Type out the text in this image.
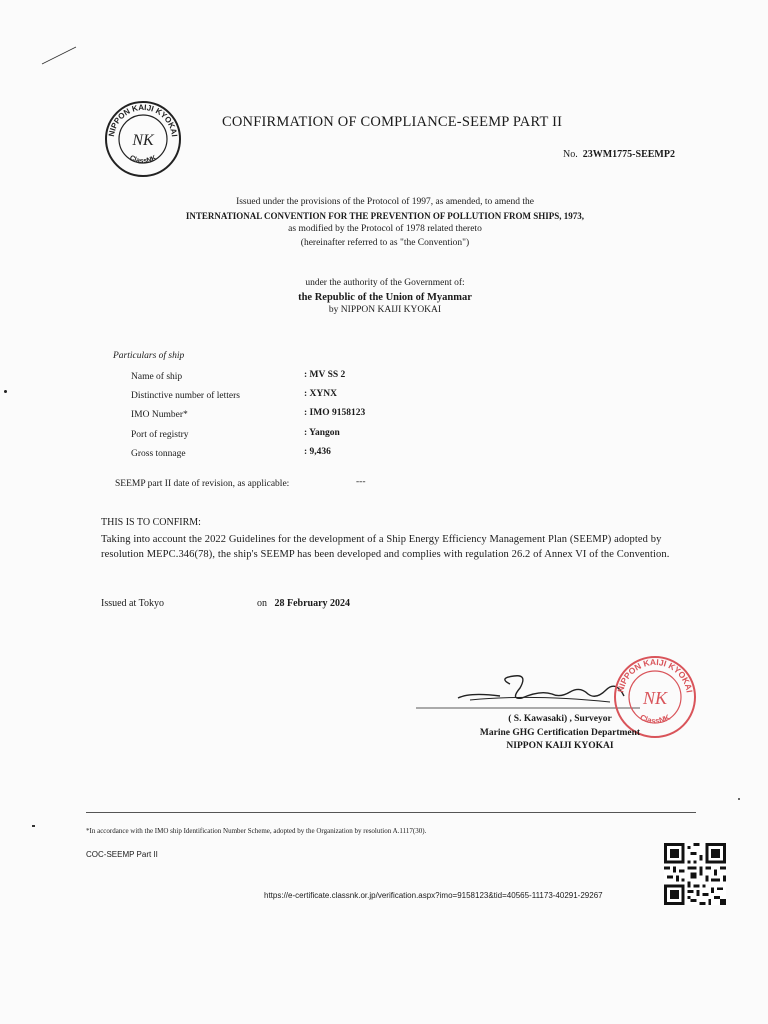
NIPPON KAIJI KYOKAI
ClassNK
NK
CONFIRMATION OF COMPLIANCE-SEEMP PART II
No. 23WM1775-SEEMP2
Issued under the provisions of the Protocol of 1997, as amended, to amend the
INTERNATIONAL CONVENTION FOR THE PREVENTION OF POLLUTION FROM SHIPS, 1973,
as modified by the Protocol of 1978 related thereto
(hereinafter referred to as "the Convention")
under the authority of the Government of:
the Republic of the Union of Myanmar
by NIPPON KAIJI KYOKAI
Particulars of ship
Name of ship	: MV SS 2
Distinctive number of letters	: XYNX
IMO Number*	: IMO 9158123
Port of registry	: Yangon
Gross tonnage	: 9,436
SEEMP part II date of revision, as applicable:	---
THIS IS TO CONFIRM:
Taking into account the 2022 Guidelines for the development of a Ship Energy Efficiency Management Plan (SEEMP) adopted by resolution MEPC.346(78), the ship's SEEMP has been developed and complies with regulation 26.2 of Annex VI of the Convention.
Issued at Tokyo	on 28 February 2024
NIPPON KAIJI KYOKAI
ClassNK
NK
( S. Kawasaki) , Surveyor
Marine GHG Certification Department
NIPPON KAIJI KYOKAI
*In accordance with the IMO ship Identification Number Scheme, adopted by the Organization by resolution A.1117(30).
COC-SEEMP Part II
https://e-certificate.classnk.or.jp/verification.aspx?imo=9158123&tid=40565-11173-40291-29267
